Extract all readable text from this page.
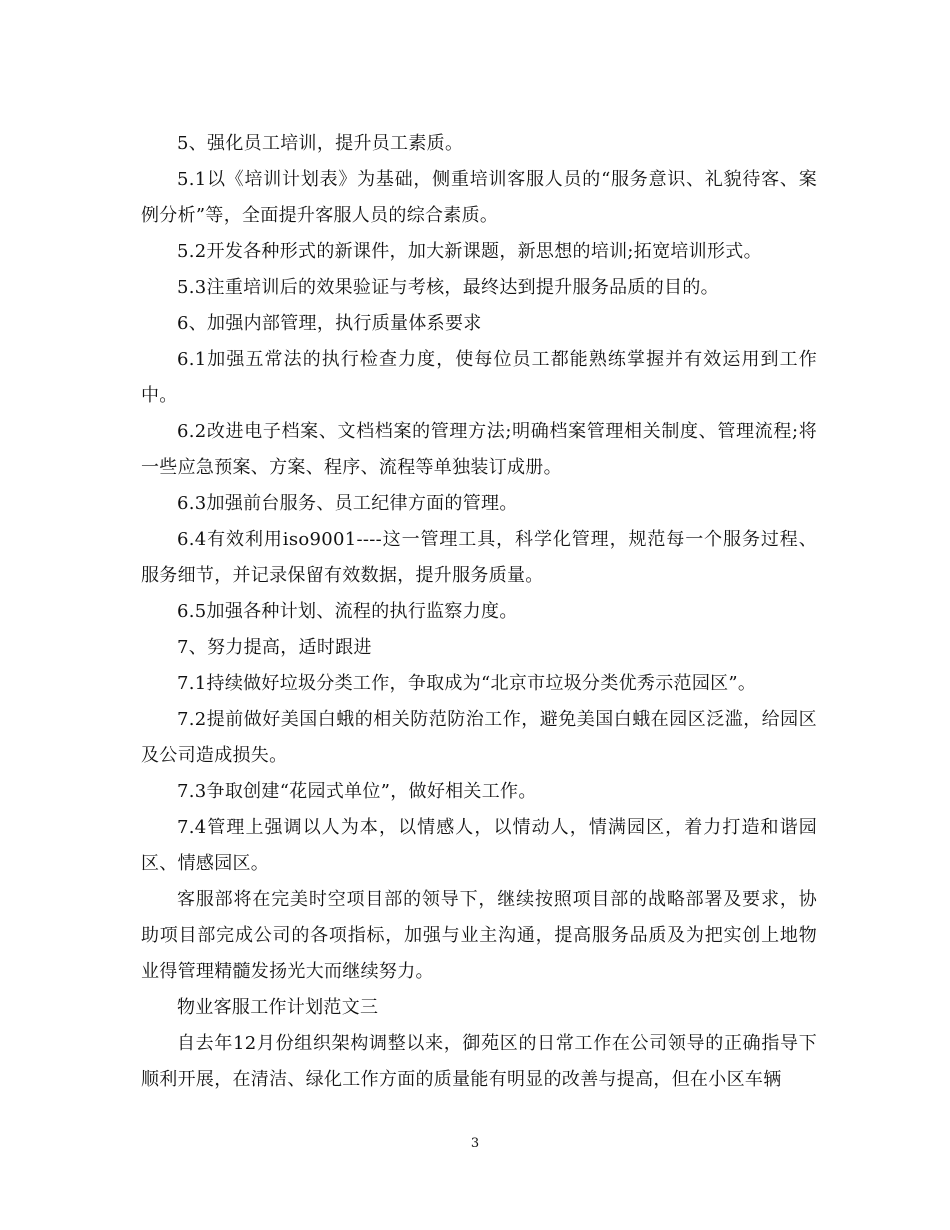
5、强化员工培训，提升员工素质。

5.1以《培训计划表》为基础，侧重培训客服人员的“服务意识、礼貌待客、案例分析”等，全面提升客服人员的综合素质。

5.2开发各种形式的新课件，加大新课题，新思想的培训;拓宽培训形式。

5.3注重培训后的效果验证与考核，最终达到提升服务品质的目的。

6、加强内部管理，执行质量体系要求

6.1加强五常法的执行检查力度，使每位员工都能熟练掌握并有效运用到工作中。

6.2改进电子档案、文档档案的管理方法;明确档案管理相关制度、管理流程;将一些应急预案、方案、程序、流程等单独装订成册。

6.3加强前台服务、员工纪律方面的管理。

6.4有效利用iso9001----这一管理工具，科学化管理，规范每一个服务过程、服务细节，并记录保留有效数据，提升服务质量。

6.5加强各种计划、流程的执行监察力度。

7、努力提高，适时跟进

7.1持续做好垃圾分类工作，争取成为“北京市垃圾分类优秀示范园区”。

7.2提前做好美国白蛾的相关防范防治工作，避免美国白蛾在园区泛滥，给园区及公司造成损失。

7.3争取创建“花园式单位”，做好相关工作。

7.4管理上强调以人为本，以情感人，以情动人，情满园区，着力打造和谐园区、情感园区。

客服部将在完美时空项目部的领导下，继续按照项目部的战略部署及要求，协助项目部完成公司的各项指标，加强与业主沟通，提高服务品质及为把实创上地物业得管理精髓发扬光大而继续努力。

物业客服工作计划范文三

自去年12月份组织架构调整以来，御苑区的日常工作在公司领导的正确指导下顺利开展，在清洁、绿化工作方面的质量能有明显的改善与提高，但在小区车辆

3
